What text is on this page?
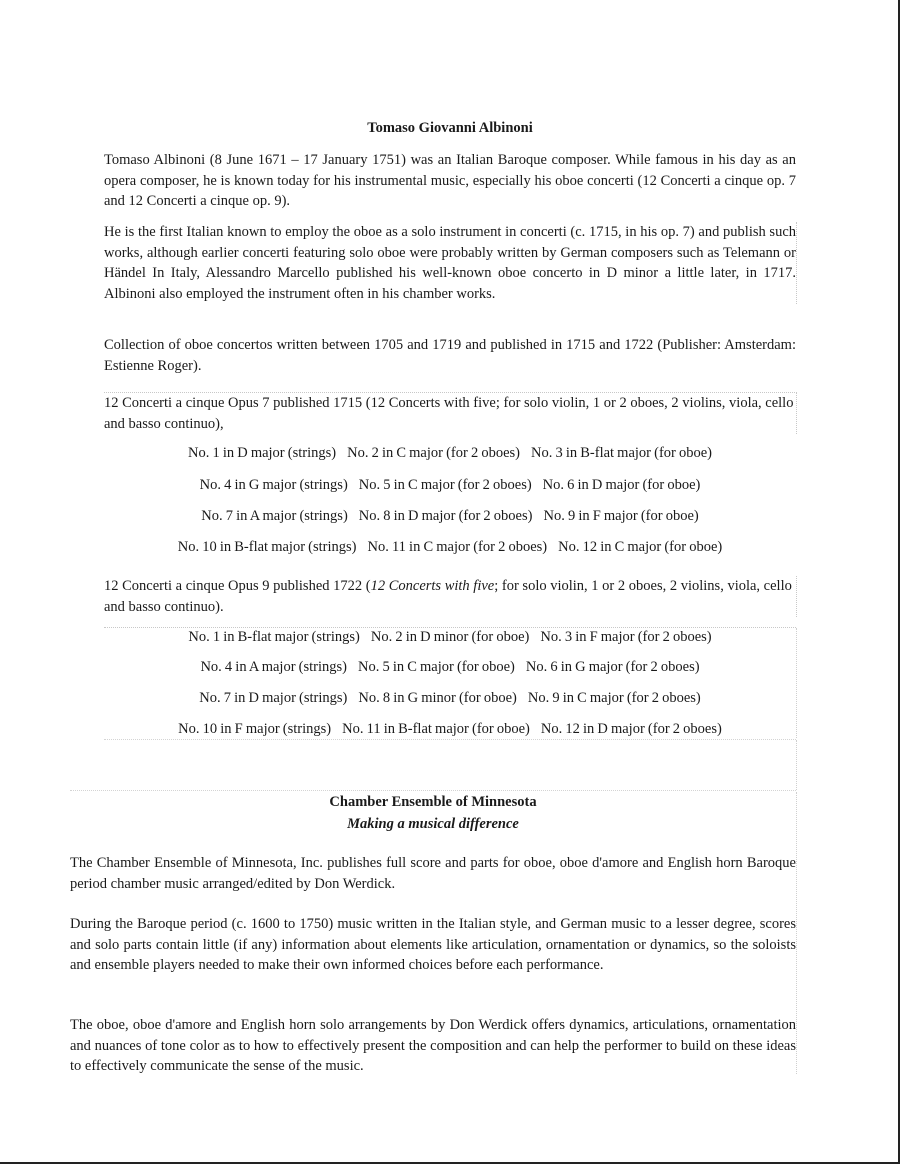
Tomaso Giovanni Albinoni

Tomaso Albinoni (8 June 1671 – 17 January 1751) was an Italian Baroque composer. While famous in his day as an opera composer, he is known today for his instrumental music, especially his oboe concerti (12 Concerti a cinque op. 7 and 12 Concerti a cinque op. 9).

He is the first Italian known to employ the oboe as a solo instrument in concerti (c. 1715, in his op. 7) and publish such works, although earlier concerti featuring solo oboe were probably written by German composers such as Telemann or Händel In Italy, Alessandro Marcello published his well-known oboe concerto in D minor a little later, in 1717. Albinoni also employed the instrument often in his chamber works.

Collection of oboe concertos written between 1705 and 1719 and published in 1715 and 1722 (Publisher: Amsterdam: Estienne Roger).

12 Concerti a cinque Opus 7 published 1715 (12 Concerts with five; for solo violin, 1 or 2 oboes, 2 violins, viola, cello and basso continuo),
No. 1 in D major (strings) No. 2 in C major (for 2 oboes) No. 3 in B-flat major (for oboe)
No. 4 in G major (strings) No. 5 in C major (for 2 oboes) No. 6 in D major (for oboe)
No. 7 in A major (strings) No. 8 in D major (for 2 oboes) No. 9 in F major (for oboe)
No. 10 in B-flat major (strings) No. 11 in C major (for 2 oboes) No. 12 in C major (for oboe)
12 Concerti a cinque Opus 9 published 1722 (12 Concerts with five; for solo violin, 1 or 2 oboes, 2 violins, viola, cello and basso continuo).
No. 1 in B-flat major (strings) No. 2 in D minor (for oboe) No. 3 in F major (for 2 oboes)
No. 4 in A major (strings) No. 5 in C major (for oboe) No. 6 in G major (for 2 oboes)
No. 7 in D major (strings) No. 8 in G minor (for oboe) No. 9 in C major (for 2 oboes)
No. 10 in F major (strings) No. 11 in B-flat major (for oboe) No. 12 in D major (for 2 oboes)
Chamber Ensemble of Minnesota
Making a musical difference

The Chamber Ensemble of Minnesota, Inc. publishes full score and parts for oboe, oboe d'amore and English horn Baroque period chamber music arranged/edited by Don Werdick.

During the Baroque period (c. 1600 to 1750) music written in the Italian style, and German music to a lesser degree, scores and solo parts contain little (if any) information about elements like articulation, ornamentation or dynamics, so the soloists and ensemble players needed to make their own informed choices before each performance.

The oboe, oboe d'amore and English horn solo arrangements by Don Werdick offers dynamics, articulations, ornamentation and nuances of tone color as to how to effectively present the composition and can help the performer to build on these ideas to effectively communicate the sense of the music.
